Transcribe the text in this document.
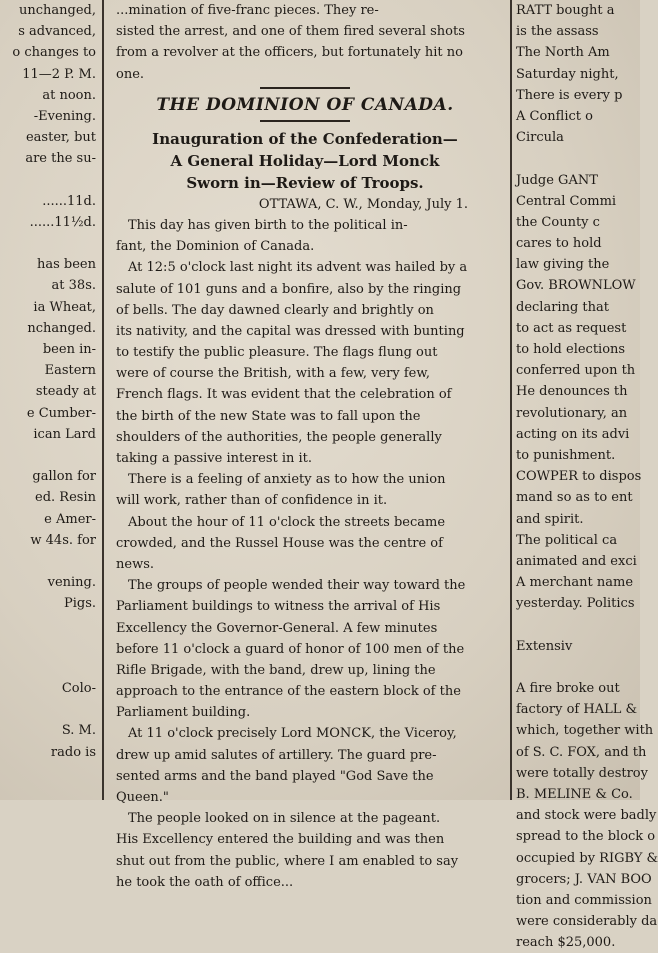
unchanged,
s advanced,
o changes to
11—2 P. M.
at noon.
-Evening.
easter, but
are the su-
......11d.
......11½d.
has been
at 38s.
ia Wheat,
nchanged.
been in-
Eastern
steady at
e Cumber-
ican Lard
gallon for
ed. Resin
e Amer-
w 44s. for
vening.
Pigs.
Colo-
S. M.
rado is
...mination of five-franc pieces. They re-
sisted the arrest, and one of them fired several shots
from a revolver at the officers, but fortunately hit no
one.
THE DOMINION OF CANADA.
Inauguration of the Confederation—
A General Holiday—Lord Monck
Sworn in—Review of Troops.
OTTAWA, C. W., Monday, July 1.
This day has given birth to the political in-
fant, the Dominion of Canada.
At 12:5 o'clock last night its advent was hailed by a
salute of 101 guns and a bonfire, also by the ringing
of bells. The day dawned clearly and brightly on
its nativity, and the capital was dressed with bunting
to testify the public pleasure. The flags flung out
were of course the British, with a few, very few,
French flags. It was evident that the celebration of
the birth of the new State was to fall upon the
shoulders of the authorities, the people generally
taking a passive interest in it.
There is a feeling of anxiety as to how the union
will work, rather than of confidence in it.
About the hour of 11 o'clock the streets became
crowded, and the Russel House was the centre of
news.
The groups of people wended their way toward the
Parliament buildings to witness the arrival of His
Excellency the Governor-General. A few minutes
before 11 o'clock a guard of honor of 100 men of the
Rifle Brigade, with the band, drew up, lining the
approach to the entrance of the eastern block of the
Parliament building.
At 11 o'clock precisely Lord MONCK, the Viceroy,
drew up amid salutes of artillery. The guard pre-
sented arms and the band played "God Save the
Queen."
The people looked on in silence at the pageant.
His Excellency entered the building and was then
shut out from the public, where I am enabled to say
he took the oath of office...
RATT bought a
is the assass
The North Am
Saturday night,
There is every p
A Conflict o
Circula
Judge GANT
Central Commi
the County c
cares to hold
law giving the
Gov. BROWNLOW
declaring that
to act as request
to hold elections
conferred upon th
He denounces th
revolutionary, an
acting on its advi
to punishment.
COWPER to dispos
mand so as to ent
and spirit.
The political ca
animated and exci
A merchant name
yesterday. Politics
Extensiv
A fire broke out
factory of HALL &
which, together with
of S. C. FOX, and th
were totally destroy
B. MELINE & Co.
and stock were badly
spread to the block o
occupied by RIGBY &
grocers; J. VAN BOO
tion and commission
were considerably da
reach $25,000.
